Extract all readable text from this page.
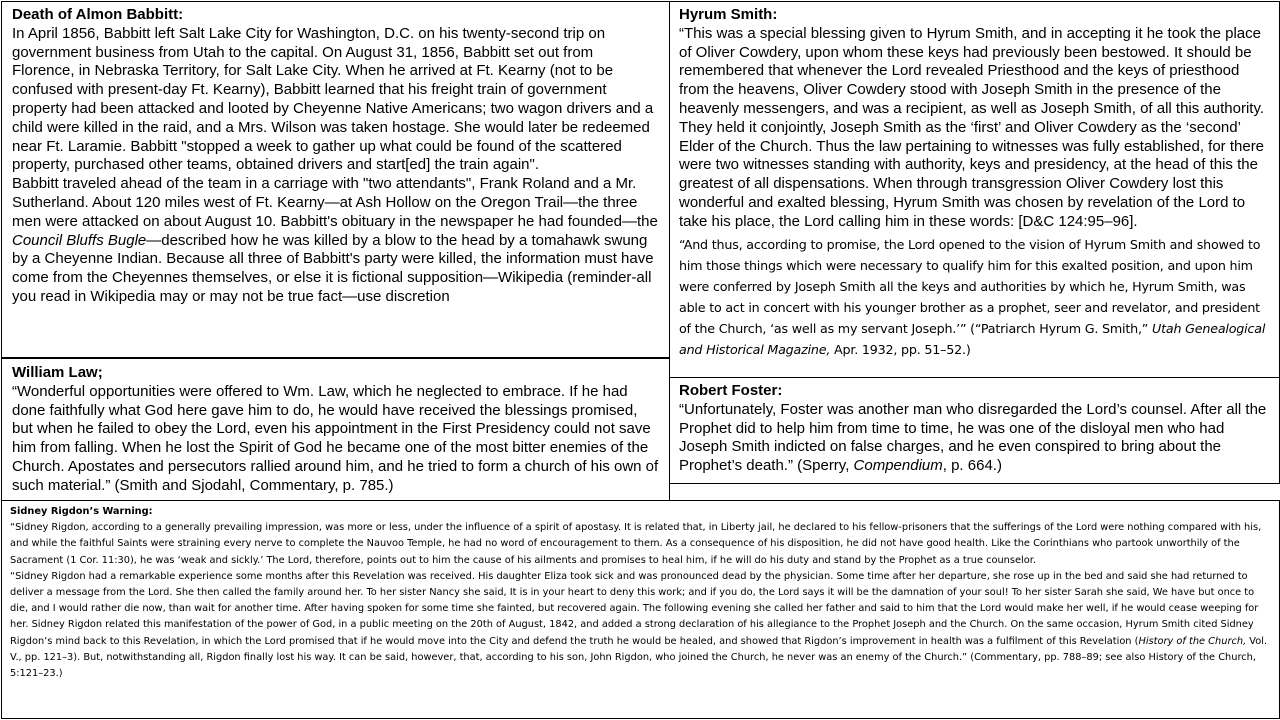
Death of Almon Babbitt:

In April 1856, Babbitt left Salt Lake City for Washington, D.C. on his twenty-second trip on government business from Utah to the capital. On August 31, 1856, Babbitt set out from Florence, in Nebraska Territory, for Salt Lake City. When he arrived at Ft. Kearny (not to be confused with present-day Ft. Kearny), Babbitt learned that his freight train of government property had been attacked and looted by Cheyenne Native Americans; two wagon drivers and a child were killed in the raid, and a Mrs. Wilson was taken hostage. She would later be redeemed near Ft. Laramie. Babbitt "stopped a week to gather up what could be found of the scattered property, purchased other teams, obtained drivers and start[ed] the train again".

Babbitt traveled ahead of the team in a carriage with "two attendants", Frank Roland and a Mr. Sutherland. About 120 miles west of Ft. Kearny—at Ash Hollow on the Oregon Trail—the three men were attacked on about August 10. Babbitt's obituary in the newspaper he had founded—the Council Bluffs Bugle—described how he was killed by a blow to the head by a tomahawk swung by a Cheyenne Indian. Because all three of Babbitt's party were killed, the information must have come from the Cheyennes themselves, or else it is fictional supposition—Wikipedia (reminder-all you read in Wikipedia may or may not be true fact—use discretion

Hyrum Smith:

“This was a special blessing given to Hyrum Smith, and in accepting it he took the place of Oliver Cowdery, upon whom these keys had previously been bestowed. It should be remembered that whenever the Lord revealed Priesthood and the keys of priesthood from the heavens, Oliver Cowdery stood with Joseph Smith in the presence of the heavenly messengers, and was a recipient, as well as Joseph Smith, of all this authority. They held it conjointly, Joseph Smith as the ‘first’ and Oliver Cowdery as the ‘second’ Elder of the Church. Thus the law pertaining to witnesses was fully established, for there were two witnesses standing with authority, keys and presidency, at the head of this the greatest of all dispensations. When through transgression Oliver Cowdery lost this wonderful and exalted blessing, Hyrum Smith was chosen by revelation of the Lord to take his place, the Lord calling him in these words: [D&C 124:95–96].

“And thus, according to promise, the Lord opened to the vision of Hyrum Smith and showed to him those things which were necessary to qualify him for this exalted position, and upon him were conferred by Joseph Smith all the keys and authorities by which he, Hyrum Smith, was able to act in concert with his younger brother as a prophet, seer and revelator, and president of the Church, ‘as well as my servant Joseph.’” (“Patriarch Hyrum G. Smith,” Utah Genealogical and Historical Magazine, Apr. 1932, pp. 51–52.)

William Law;

“Wonderful opportunities were offered to Wm. Law, which he neglected to embrace. If he had done faithfully what God here gave him to do, he would have received the blessings promised, but when he failed to obey the Lord, even his appointment in the First Presidency could not save him from falling. When he lost the Spirit of God he became one of the most bitter enemies of the Church. Apostates and persecutors rallied around him, and he tried to form a church of his own of such material.” (Smith and Sjodahl, Commentary, p. 785.)

Robert Foster:

“Unfortunately, Foster was another man who disregarded the Lord’s counsel. After all the Prophet did to help him from time to time, he was one of the disloyal men who had Joseph Smith indicted on false charges, and he even conspired to bring about the Prophet’s death.” (Sperry, Compendium, p. 664.)

Sidney Rigdon’s Warning:

“Sidney Rigdon, according to a generally prevailing impression, was more or less, under the influence of a spirit of apostasy. It is related that, in Liberty jail, he declared to his fellow-prisoners that the sufferings of the Lord were nothing compared with his, and while the faithful Saints were straining every nerve to complete the Nauvoo Temple, he had no word of encouragement to them. As a consequence of his disposition, he did not have good health. Like the Corinthians who partook unworthily of the Sacrament (1 Cor. 11:30), he was ‘weak and sickly.’ The Lord, therefore, points out to him the cause of his ailments and promises to heal him, if he will do his duty and stand by the Prophet as a true counselor.

“Sidney Rigdon had a remarkable experience some months after this Revelation was received. His daughter Eliza took sick and was pronounced dead by the physician. Some time after her departure, she rose up in the bed and said she had returned to deliver a message from the Lord. She then called the family around her. To her sister Nancy she said, It is in your heart to deny this work; and if you do, the Lord says it will be the damnation of your soul! To her sister Sarah she said, We have but once to die, and I would rather die now, than wait for another time. After having spoken for some time she fainted, but recovered again. The following evening she called her father and said to him that the Lord would make her well, if he would cease weeping for her. Sidney Rigdon related this manifestation of the power of God, in a public meeting on the 20th of August, 1842, and added a strong declaration of his allegiance to the Prophet Joseph and the Church. On the same occasion, Hyrum Smith cited Sidney Rigdon’s mind back to this Revelation, in which the Lord promised that if he would move into the City and defend the truth he would be healed, and showed that Rigdon’s improvement in health was a fulfilment of this Revelation (History of the Church, Vol. V., pp. 121–3). But, notwithstanding all, Rigdon finally lost his way. It can be said, however, that, according to his son, John Rigdon, who joined the Church, he never was an enemy of the Church.” (Commentary, pp. 788–89; see also History of the Church, 5:121–23.)
